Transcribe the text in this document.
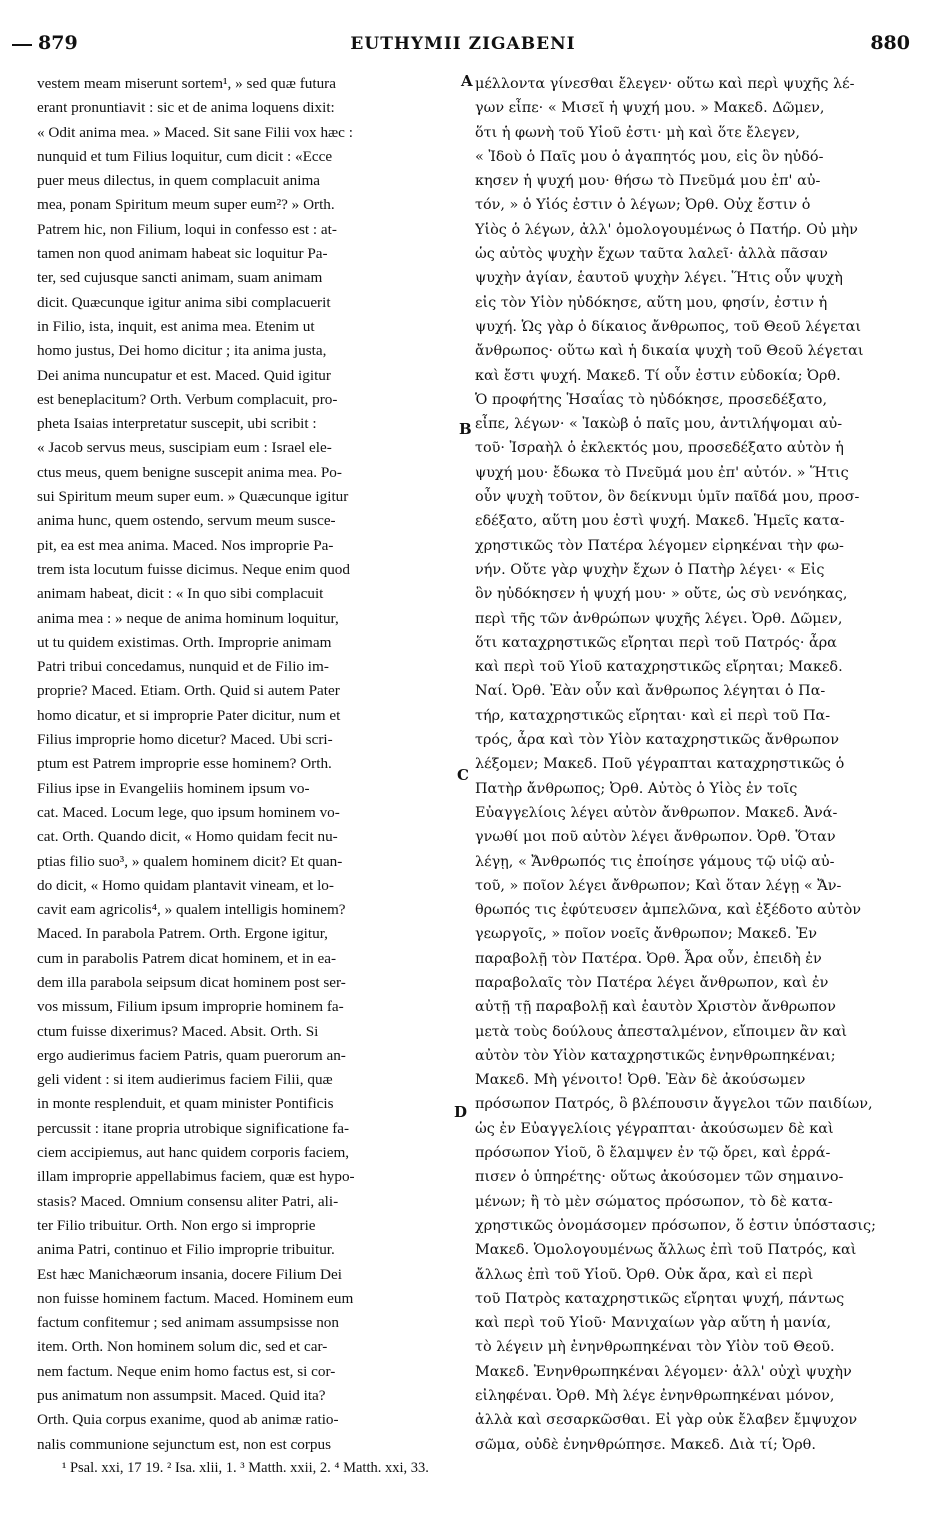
879	EUTHYMII ZIGABENI	880
vestem meam miserunt sortem¹, » sed quæ futura
erant pronuntiavit : sic et de anima loquens dixit:
« Odit anima mea. » Maced. Sit sane Filii vox hæc :
nunquid et tum Filius loquitur, cum dicit : «Ecce
puer meus dilectus, in quem complacuit anima
mea, ponam Spiritum meum super eum²? » Orth.
Patrem hic, non Filium, loqui in confesso est : at-
tamen non quod animam habeat sic loquitur Pa-
ter, sed cujusque sancti animam, suam animam
dicit. Quæcunque igitur anima sibi complacuerit
in Filio, ista, inquit, est anima mea. Etenim ut
homo justus, Dei homo dicitur ; ita anima justa,
Dei anima nuncupatur et est. Maced. Quid igitur
est beneplacitum? Orth. Verbum complacuit, pro-
pheta Isaias interpretatur suscepit, ubi scribit :
« Jacob servus meus, suscipiam eum : Israel ele-
ctus meus, quem benigne suscepit anima mea. Po-
sui Spiritum meum super eum. » Quæcunque igitur
anima hunc, quem ostendo, servum meum susce-
pit, ea est mea anima. Maced. Nos improprie Pa-
trem ista locutum fuisse dicimus. Neque enim quod
animam habeat, dicit : « In quo sibi complacuit
anima mea : » neque de anima hominum loquitur,
ut tu quidem existimas. Orth. Improprie animam
Patri tribui concedamus, nunquid et de Filio im-
proprie? Maced. Etiam. Orth. Quid si autem Pater
homo dicatur, et si improprie Pater dicitur, num et
Filius improprie homo dicetur? Maced. Ubi scri-
ptum est Patrem improprie esse hominem? Orth.
Filius ipse in Evangeliis hominem ipsum vo-
cat. Maced. Locum lege, quo ipsum hominem vo-
cat. Orth. Quando dicit, « Homo quidam fecit nu-
ptias filio suo³, » qualem hominem dicit? Et quan-
do dicit, « Homo quidam plantavit vineam, et lo-
cavit eam agricolis⁴, » qualem intelligis hominem?
Maced. In parabola Patrem. Orth. Ergone igitur,
cum in parabolis Patrem dicat hominem, et in ea-
dem illa parabola seipsum dicat hominem post ser-
vos missum, Filium ipsum improprie hominem fa-
ctum fuisse dixerimus? Maced. Absit. Orth. Si
ergo audierimus faciem Patris, quam puerorum an-
geli vident : si item audierimus faciem Filii, quæ
in monte resplenduit, et quam minister Pontificis
percussit : itane propria utrobique significatione fa-
ciem accipiemus, aut hanc quidem corporis faciem,
illam improprie appellabimus faciem, quæ est hypo-
stasis? Maced. Omnium consensu aliter Patri, ali-
ter Filio tribuitur. Orth. Non ergo si improprie
anima Patri, continuo et Filio improprie tribuitur.
Est hæc Manichæorum insania, docere Filium Dei
non fuisse hominem factum. Maced. Hominem eum
factum confitemur ; sed animam assumpsisse non
item. Orth. Non hominem solum dic, sed et car-
nem factum. Neque enim homo factus est, si cor-
pus animatum non assumpsit. Maced. Quid ita?
Orth. Quia corpus exanime, quod ab animæ ratio-
nalis communione sejunctum est, non est corpus
μέλλοντα γίνεσθαι ἔλεγεν· οὕτω καὶ περὶ ψυχῆς λέ-
γων εἶπε· « Μισεῖ ἡ ψυχή μου. » Μακεδ. Δῶμεν,
ὅτι ἡ φωνὴ τοῦ Υἱοῦ ἐστι· μὴ καὶ ὅτε ἔλεγεν,
« Ἰδοὺ ὁ Παῖς μου ὁ ἀγαπητός μου, εἰς ὃν ηὐδό-
κησεν ἡ ψυχή μου· θήσω τὸ Πνεῦμά μου ἐπ' αὐ-
τόν, » ὁ Υἱός ἐστιν ὁ λέγων; Ὀρθ. Οὐχ ἔστιν ὁ
Υἱὸς ὁ λέγων, ἀλλ' ὁμολογουμένως ὁ Πατήρ. Οὐ μὴν
ὡς αὐτὸς ψυχὴν ἔχων ταῦτα λαλεῖ· ἀλλὰ πᾶσαν
ψυχὴν ἁγίαν, ἑαυτοῦ ψυχὴν λέγει. Ἥτις οὖν ψυχὴ
εἰς τὸν Υἱὸν ηὐδόκησε, αὕτη μου, φησίν, ἐστιν ἡ
ψυχή. Ὡς γὰρ ὁ δίκαιος ἄνθρωπος, τοῦ Θεοῦ λέγεται
ἄνθρωπος· οὕτω καὶ ἡ δικαία ψυχὴ τοῦ Θεοῦ λέγεται
καὶ ἔστι ψυχή. Μακεδ. Τί οὖν ἐστιν εὐδοκία; Ὀρθ.
Ὁ προφήτης Ἡσαΐας τὸ ηὐδόκησε, προσεδέξατο,
εἶπε, λέγων· « Ἰακὼβ ὁ παῖς μου, ἀντιλήψομαι αὐ-
τοῦ· Ἰσραὴλ ὁ ἐκλεκτός μου, προσεδέξατο αὐτὸν ἡ
ψυχή μου· ἔδωκα τὸ Πνεῦμά μου ἐπ' αὐτόν. » Ἥτις
οὖν ψυχὴ τοῦτον, ὃν δείκνυμι ὑμῖν παῖδά μου, προσ-
εδέξατο, αὕτη μου ἐστὶ ψυχή. Μακεδ. Ἡμεῖς κατα-
χρηστικῶς τὸν Πατέρα λέγομεν εἰρηκέναι τὴν φω-
νήν. Οὔτε γὰρ ψυχὴν ἔχων ὁ Πατὴρ λέγει· « Εἰς
ὃν ηὐδόκησεν ἡ ψυχή μου· » οὔτε, ὡς σὺ νενόηκας,
περὶ τῆς τῶν ἀνθρώπων ψυχῆς λέγει. Ὀρθ. Δῶμεν,
ὅτι καταχρηστικῶς εἴρηται περὶ τοῦ Πατρός· ἆρα
καὶ περὶ τοῦ Υἱοῦ καταχρηστικῶς εἴρηται; Μακεδ.
Ναί. Ὀρθ. Ἐὰν οὖν καὶ ἄνθρωπος λέγηται ὁ Πα-
τήρ, καταχρηστικῶς εἴρηται· καὶ εἰ περὶ τοῦ Πα-
τρός, ἆρα καὶ τὸν Υἱὸν καταχρηστικῶς ἄνθρωπον
λέξομεν; Μακεδ. Ποῦ γέγραπται καταχρηστικῶς ὁ
Πατὴρ ἄνθρωπος; Ὀρθ. Αὐτὸς ὁ Υἱὸς ἐν τοῖς
Εὐαγγελίοις λέγει αὐτὸν ἄνθρωπον. Μακεδ. Ἀνά-
γνωθί μοι ποῦ αὐτὸν λέγει ἄνθρωπον. Ὀρθ. Ὅταν
λέγῃ, « Ἄνθρωπός τις ἐποίησε γάμους τῷ υἱῷ αὐ-
τοῦ, » ποῖον λέγει ἄνθρωπον; Καὶ ὅταν λέγῃ « Ἄν-
θρωπός τις ἐφύτευσεν ἀμπελῶνα, καὶ ἐξέδοτο αὐτὸν
γεωργοῖς, » ποῖον νοεῖς ἄνθρωπον; Μακεδ. Ἐν
παραβολῇ τὸν Πατέρα. Ὀρθ. Ἆρα οὖν, ἐπειδὴ ἐν
παραβολαῖς τὸν Πατέρα λέγει ἄνθρωπον, καὶ ἐν
αὐτῇ τῇ παραβολῇ καὶ ἑαυτὸν Χριστὸν ἄνθρωπον
μετὰ τοὺς δούλους ἀπεσταλμένον, εἴποιμεν ἂν καὶ
αὐτὸν τὸν Υἱὸν καταχρηστικῶς ἐνηνθρωπηκέναι;
Μακεδ. Μὴ γένοιτο! Ὀρθ. Ἐὰν δὲ ἀκούσωμεν
πρόσωπον Πατρός, ὃ βλέπουσιν ἄγγελοι τῶν παιδίων,
ὡς ἐν Εὐαγγελίοις γέγραπται· ἀκούσωμεν δὲ καὶ
πρόσωπον Υἱοῦ, ὃ ἔλαμψεν ἐν τῷ ὄρει, καὶ ἐρρά-
πισεν ὁ ὑπηρέτης· οὕτως ἀκούσομεν τῶν σημαινο-
μένων; ἢ τὸ μὲν σώματος πρόσωπον, τὸ δὲ κατα-
χρηστικῶς ὀνομάσομεν πρόσωπον, ὅ ἐστιν ὑπόστασις;
Μακεδ. Ὁμολογουμένως ἄλλως ἐπὶ τοῦ Πατρός, καὶ
ἄλλως ἐπὶ τοῦ Υἱοῦ. Ὀρθ. Οὐκ ἄρα, καὶ εἰ περὶ
τοῦ Πατρὸς καταχρηστικῶς εἴρηται ψυχή, πάντως
καὶ περὶ τοῦ Υἱοῦ· Μανιχαίων γὰρ αὕτη ἡ μανία,
τὸ λέγειν μὴ ἐνηνθρωπηκέναι τὸν Υἱὸν τοῦ Θεοῦ.
Μακεδ. Ἐνηνθρωπηκέναι λέγομεν· ἀλλ' οὐχὶ ψυχὴν
εἰληφέναι. Ὀρθ. Μὴ λέγε ἐνηνθρωπηκέναι μόνον,
ἀλλὰ καὶ σεσαρκῶσθαι. Εἰ γὰρ οὐκ ἔλαβεν ἔμψυχον
σῶμα, οὐδὲ ἐνηνθρώπησε. Μακεδ. Διὰ τί; Ὀρθ.
A
B
C
D
¹ Psal. xxi, 17 19. ² Isa. xlii, 1. ³ Matth. xxii, 2. ⁴ Matth. xxi, 33.
